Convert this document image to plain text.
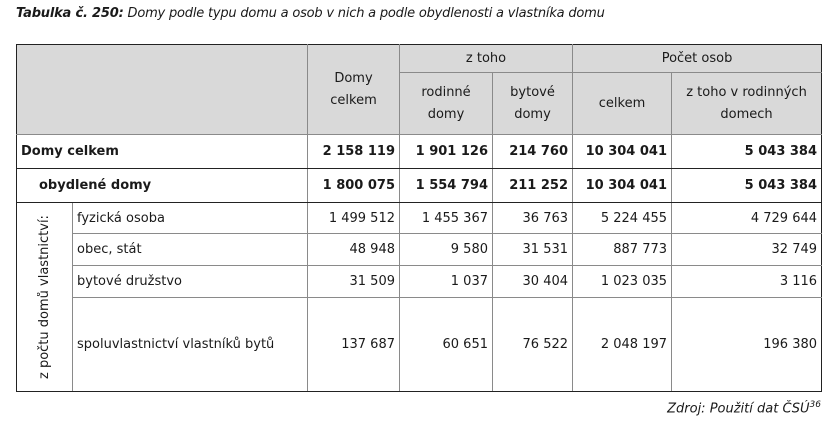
Tabulka č. 250: Domy podle typu domu a osob v nich a podle obydlenosti a vlastníka domu
		Domy celkem	z toho		Počet osob	
			rodinné domy	bytové domy	celkem	z toho v rodinných domech
Domy celkem		2 158 119	1 901 126	214 760	10 304 041	5 043 384
obydlené domy		1 800 075	1 554 794	211 252	10 304 041	5 043 384
z počtu domů vlastnictví:	fyzická osoba	1 499 512	1 455 367	36 763	5 224 455	4 729 644
	obec, stát	48 948	9 580	31 531	887 773	32 749
	bytové družstvo	31 509	1 037	30 404	1 023 035	3 116
	spoluvlastnictví vlastníků bytů	137 687	60 651	76 522	2 048 197	196 380
Zdroj: Použití dat ČSÚ$^{36}$
